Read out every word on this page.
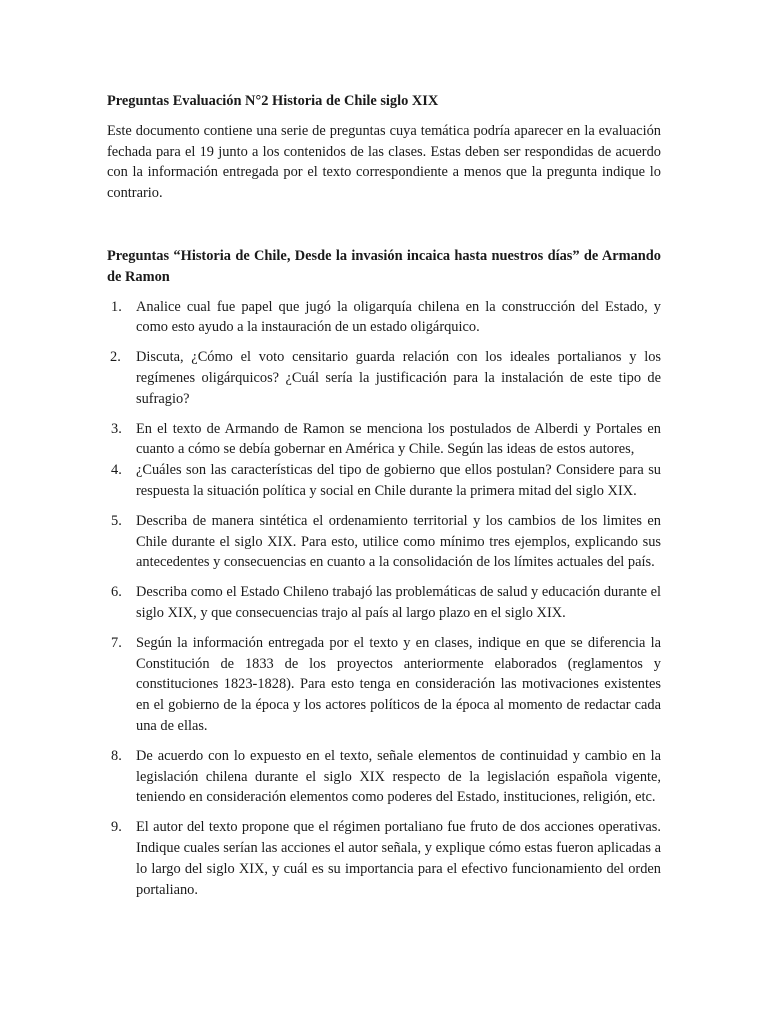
Preguntas Evaluación N°2 Historia de Chile siglo XIX
Este documento contiene una serie de preguntas cuya temática podría aparecer en la evaluación fechada para el 19 junto a los contenidos de las clases. Estas deben ser respondidas de acuerdo con la información entregada por el texto correspondiente a menos que la pregunta indique lo contrario.
Preguntas “Historia de Chile, Desde la invasión incaica hasta nuestros días” de Armando de Ramon
1. Analice cual fue papel que jugó la oligarquía chilena en la construcción del Estado, y como esto ayudo a la instauración de un estado oligárquico.
2. Discuta, ¿Cómo el voto censitario guarda relación con los ideales portalianos y los regímenes oligárquicos? ¿Cuál sería la justificación para la instalación de este tipo de sufragio?
3. En el texto de Armando de Ramon se menciona los postulados de Alberdi y Portales en cuanto a cómo se debía gobernar en América y Chile. Según las ideas de estos autores,
4. ¿Cuáles son las características del tipo de gobierno que ellos postulan? Considere para su respuesta la situación política y social en Chile durante la primera mitad del siglo XIX.
5. Describa de manera sintética el ordenamiento territorial y los cambios de los limites en Chile durante el siglo XIX. Para esto, utilice como mínimo tres ejemplos, explicando sus antecedentes y consecuencias en cuanto a la consolidación de los límites actuales del país.
6. Describa como el Estado Chileno trabajó las problemáticas de salud y educación durante el siglo XIX, y que consecuencias trajo al país al largo plazo en el siglo XIX.
7. Según la información entregada por el texto y en clases, indique en que se diferencia la Constitución de 1833 de los proyectos anteriormente elaborados (reglamentos y constituciones 1823-1828). Para esto tenga en consideración las motivaciones existentes en el gobierno de la época y los actores políticos de la época al momento de redactar cada una de ellas.
8. De acuerdo con lo expuesto en el texto, señale elementos de continuidad y cambio en la legislación chilena durante el siglo XIX respecto de la legislación española vigente, teniendo en consideración elementos como poderes del Estado, instituciones, religión, etc.
9. El autor del texto propone que el régimen portaliano fue fruto de dos acciones operativas. Indique cuales serían las acciones el autor señala, y explique cómo estas fueron aplicadas a lo largo del siglo XIX, y cuál es su importancia para el efectivo funcionamiento del orden portaliano.
